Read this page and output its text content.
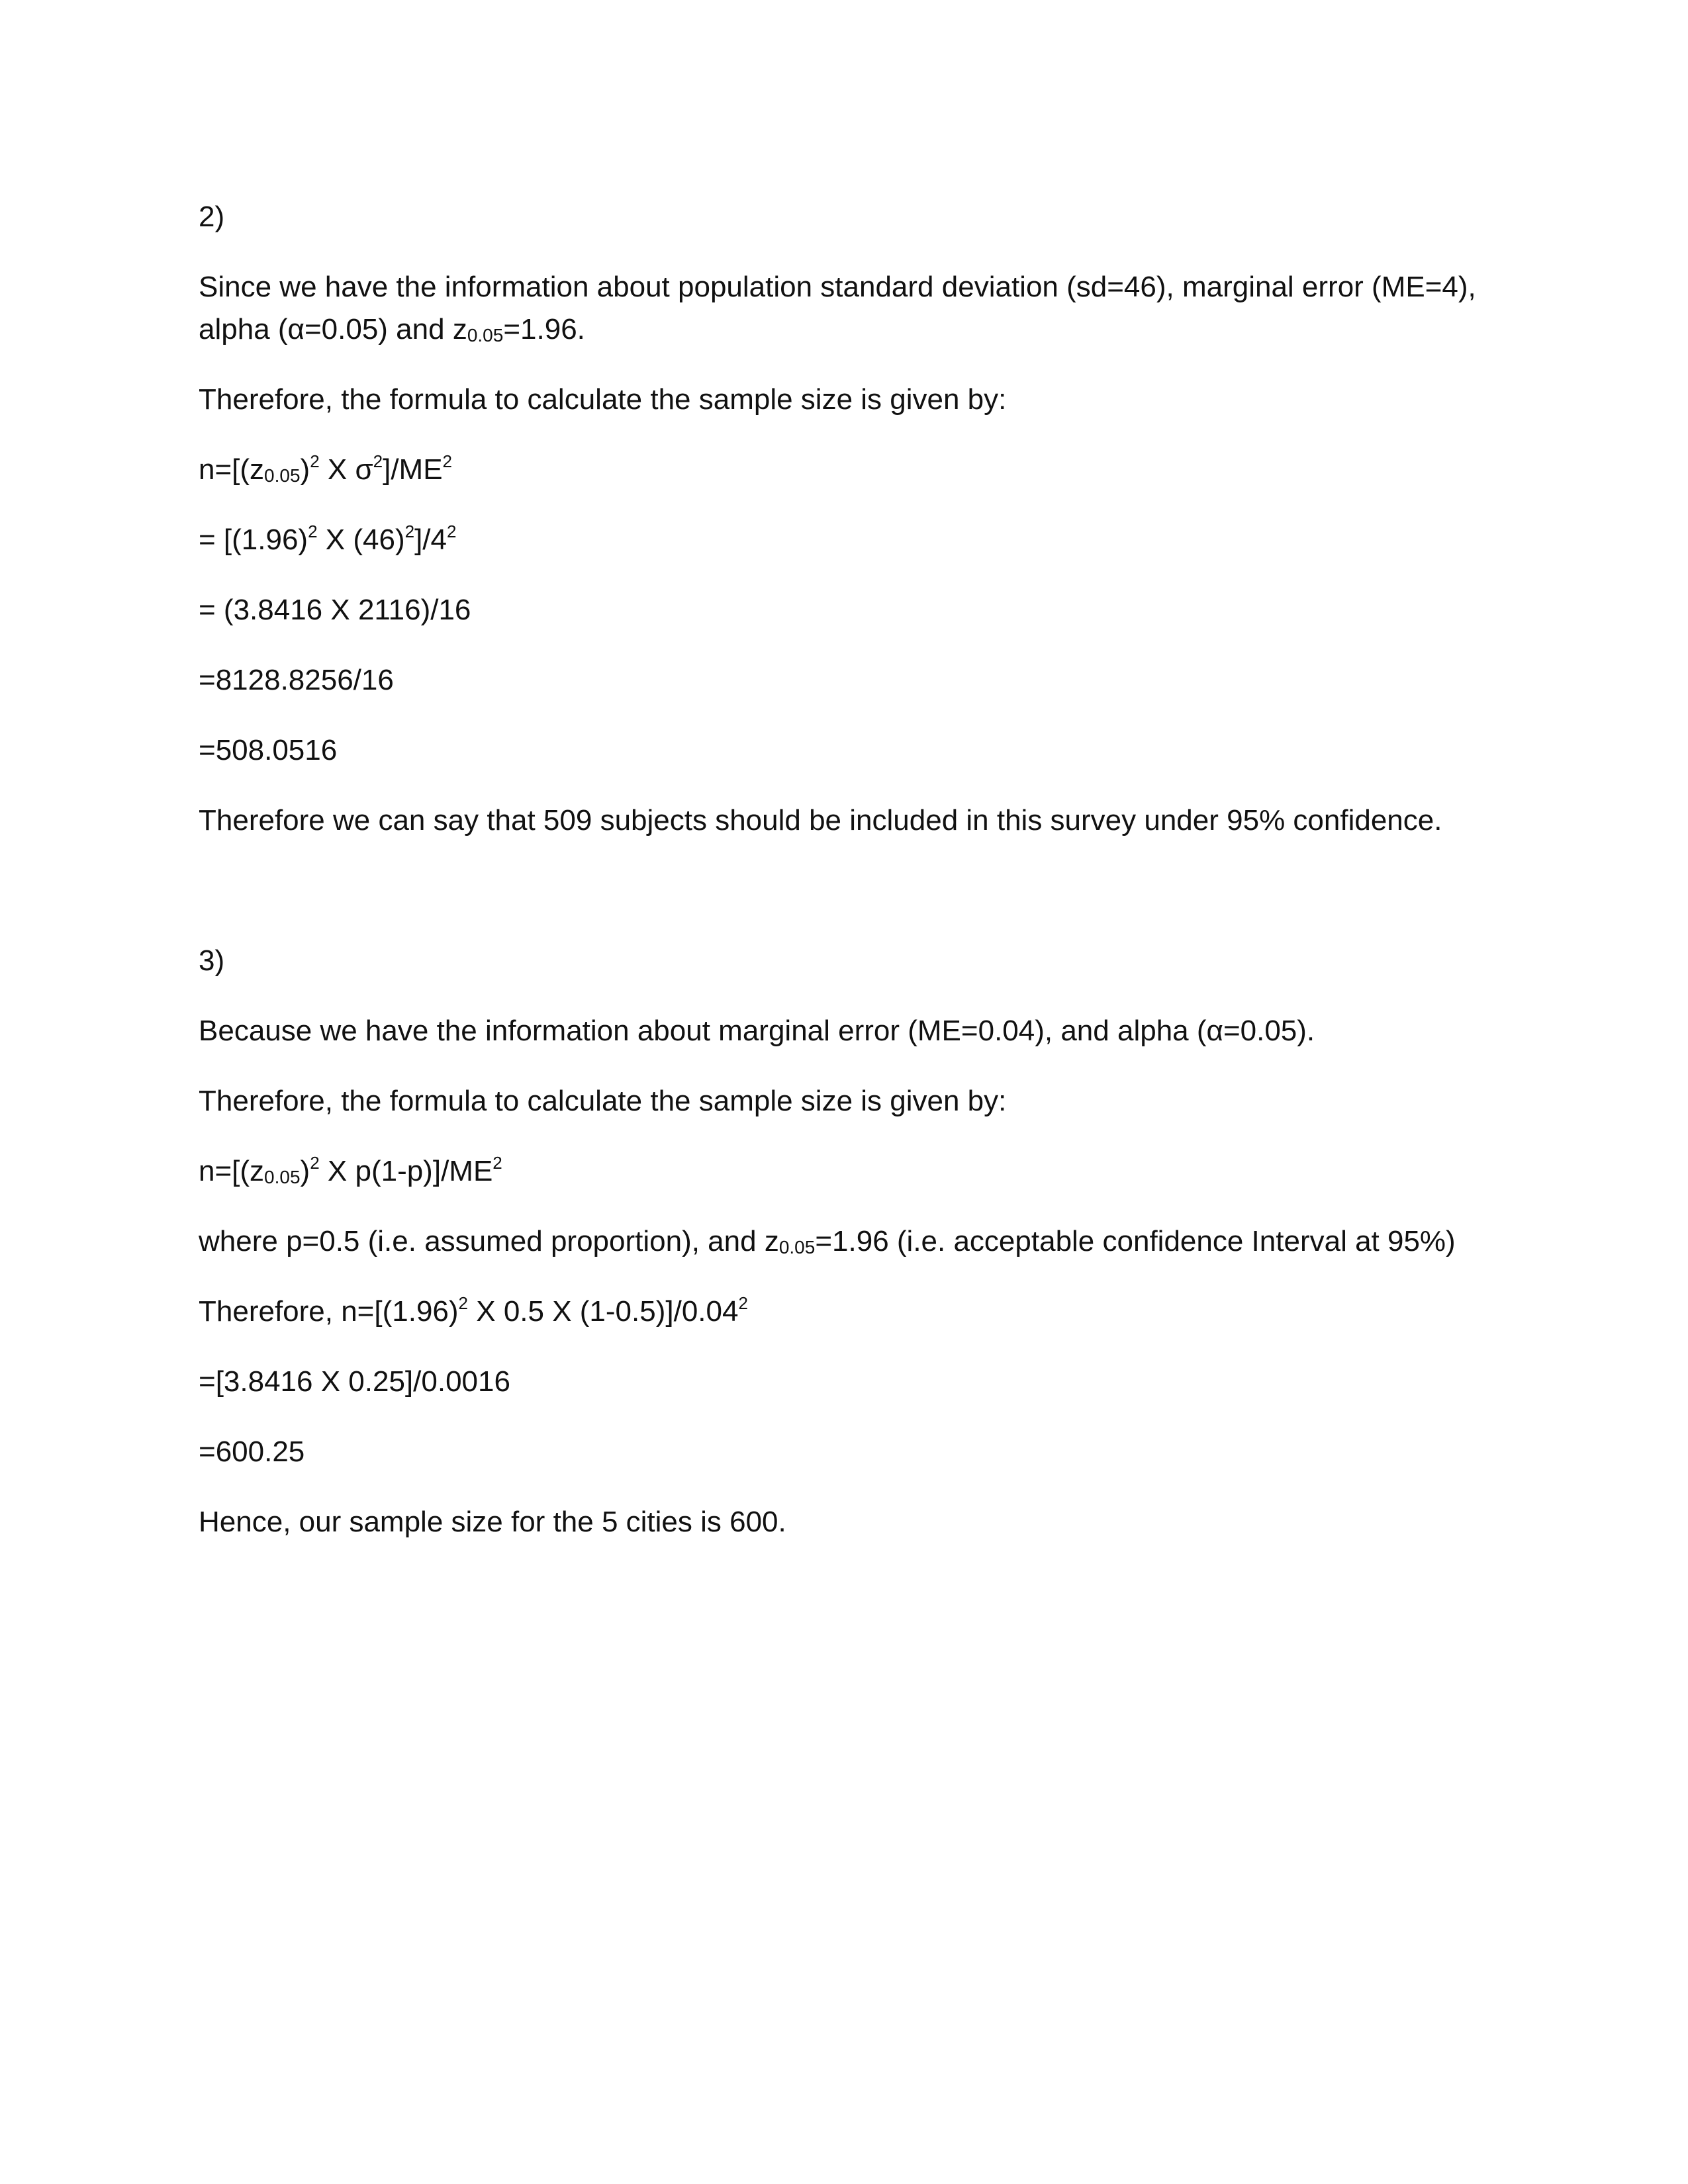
2)
Since we have the information about population standard deviation (sd=46), marginal error (ME=4),
alpha (α=0.05) and $z_{0.05}=1.96$.
Therefore, the formula to calculate the sample size is given by:
$n=[(z_{0.05})^2$ X $\sigma^2]/ME^2$
= [$(1.96)^2$ X $(46)^2]/4^2$
= (3.8416 X 2116)/16
=8128.8256/16
=508.0516
Therefore we can say that 509 subjects should be included in this survey under 95% confidence.
3)
Because we have the information about marginal error (ME=0.04), and alpha (α=0.05).
Therefore, the formula to calculate the sample size is given by:
$n=[(z_{0.05})^2$ X $p(1-p)]/ME^2$
where p=0.5 (i.e. assumed proportion), and $z_{0.05}=1.96$ (i.e. acceptable confidence Interval at 95%)
Therefore, $n=[(1.96)^2$ X 0.5 X $(1-0.5)]/0.04^2$
=[3.8416 X 0.25]/0.0016
=600.25
Hence, our sample size for the 5 cities is 600.
